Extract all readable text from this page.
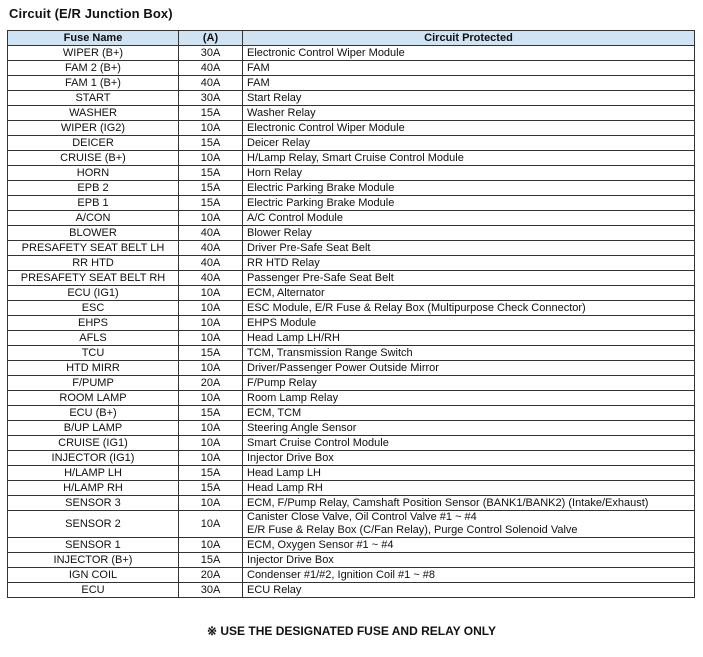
Circuit (E/R Junction Box)
Fuse Name	(A)	Circuit Protected
WIPER (B+)	30A	Electronic Control Wiper Module

FAM 2 (B+)	40A	FAM

FAM 1 (B+)	40A	FAM

START	30A	Start Relay

WASHER	15A	Washer Relay

WIPER (IG2)	10A	Electronic Control Wiper Module

DEICER	15A	Deicer Relay

CRUISE (B+)	10A	H/Lamp Relay, Smart Cruise Control Module

HORN	15A	Horn Relay

EPB 2	15A	Electric Parking Brake Module

EPB 1	15A	Electric Parking Brake Module

A/CON	10A	A/C Control Module

BLOWER	40A	Blower Relay

PRESAFETY SEAT BELT LH	40A	Driver Pre-Safe Seat Belt

RR HTD	40A	RR HTD Relay

PRESAFETY SEAT BELT RH	40A	Passenger Pre-Safe Seat Belt

ECU (IG1)	10A	ECM, Alternator

ESC	10A	ESC Module, E/R Fuse & Relay Box (Multipurpose Check Connector)

EHPS	10A	EHPS Module

AFLS	10A	Head Lamp LH/RH

TCU	15A	TCM, Transmission Range Switch

HTD MIRR	10A	Driver/Passenger Power Outside Mirror

F/PUMP	20A	F/Pump Relay

ROOM LAMP	10A	Room Lamp Relay

ECU (B+)	15A	ECM, TCM

B/UP LAMP	10A	Steering Angle Sensor

CRUISE (IG1)	10A	Smart Cruise Control Module

INJECTOR (IG1)	10A	Injector Drive Box

H/LAMP LH	15A	Head Lamp LH

H/LAMP RH	15A	Head Lamp RH

SENSOR 3	10A	ECM, F/Pump Relay, Camshaft Position Sensor (BANK1/BANK2) (Intake/Exhaust)

SENSOR 2	10A	Canister Close Valve, Oil Control Valve #1 ~ #4
E/R Fuse & Relay Box (C/Fan Relay), Purge Control Solenoid Valve

SENSOR 1	10A	ECM, Oxygen Sensor #1 ~ #4

INJECTOR (B+)	15A	Injector Drive Box

IGN COIL	20A	Condenser #1/#2, Ignition Coil #1 ~ #8

ECU	30A	ECU Relay
※ USE THE DESIGNATED FUSE AND RELAY ONLY
